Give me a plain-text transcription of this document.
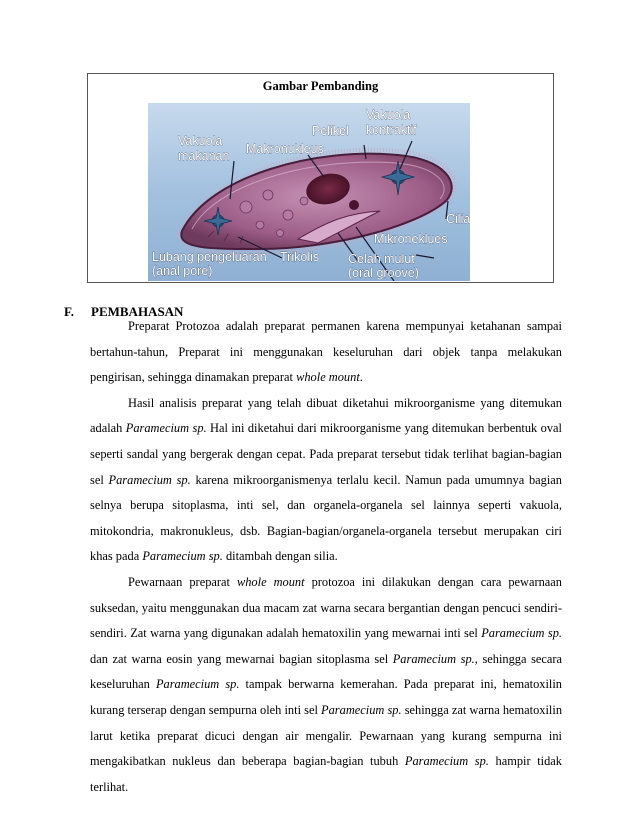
Gambar Pembanding
Vakuola
makanan Makronukleus
Pelikel
Vakuola
kontraktif
Cilia
Mikroneklues
Celah mulut
(oral groove)
Lubang pengeluaran
(anal pore)
Trikolis
F.	PEMBAHASAN

Preparat Protozoa adalah preparat permanen karena mempunyai ketahanan sampai bertahun-tahun, Preparat ini menggunakan keseluruhan dari objek tanpa melakukan pengirisan, sehingga dinamakan preparat whole mount.

Hasil analisis preparat yang telah dibuat diketahui mikroorganisme yang ditemukan adalah Paramecium sp. Hal ini diketahui dari mikroorganisme yang ditemukan berbentuk oval seperti sandal yang bergerak dengan cepat. Pada preparat tersebut tidak terlihat bagian-bagian sel Paramecium sp. karena mikroorganismenya terlalu kecil. Namun pada umumnya bagian selnya berupa sitoplasma, inti sel, dan organela-organela sel lainnya seperti vakuola, mitokondria, makronukleus, dsb. Bagian-bagian/organela-organela tersebut merupakan ciri khas pada Paramecium sp. ditambah dengan silia.

Pewarnaan preparat whole mount protozoa ini dilakukan dengan cara pewarnaan suksedan, yaitu menggunakan dua macam zat warna secara bergantian dengan pencuci sendiri-sendiri. Zat warna yang digunakan adalah hematoxilin yang mewarnai inti sel Paramecium sp. dan zat warna eosin yang mewarnai bagian sitoplasma sel Paramecium sp., sehingga secara keseluruhan Paramecium sp. tampak berwarna kemerahan. Pada preparat ini, hematoxilin kurang terserap dengan sempurna oleh inti sel Paramecium sp. sehingga zat warna hematoxilin larut ketika preparat dicuci dengan air mengalir. Pewarnaan yang kurang sempurna ini mengakibatkan nukleus dan beberapa bagian-bagian tubuh Paramecium sp. hampir tidak terlihat.
